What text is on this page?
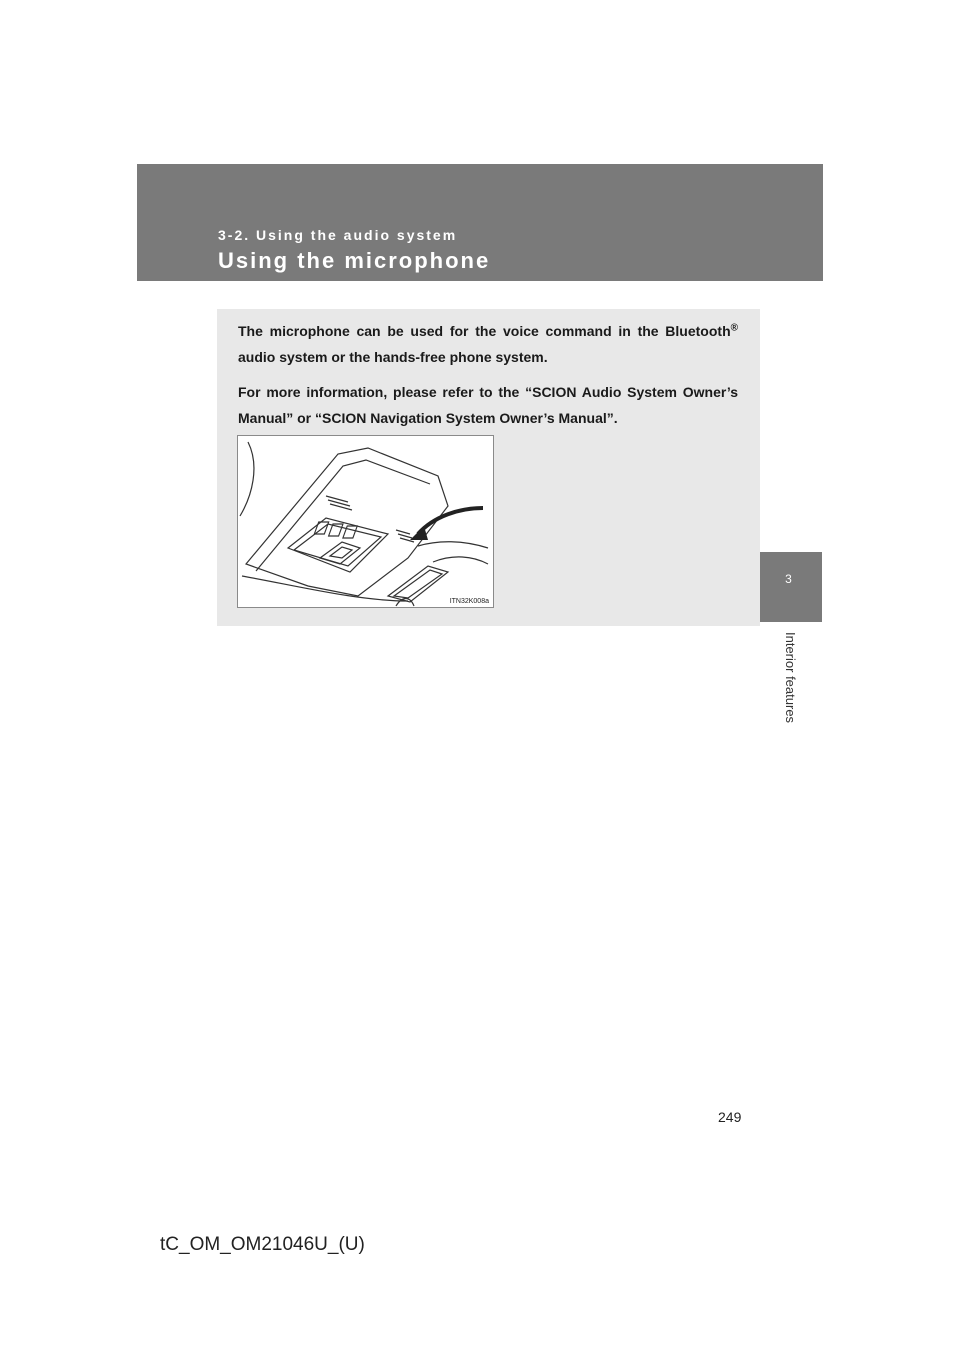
3-2. Using the audio system
Using the microphone
3
Interior features

The microphone can be used for the voice command in the Bluetooth® audio system or the hands-free phone system.

For more information, please refer to the “SCION Audio System Owner’s Manual” or “SCION Navigation System Owner’s Manual”.

ITN32K008a
249
tC_OM_OM21046U_(U)
